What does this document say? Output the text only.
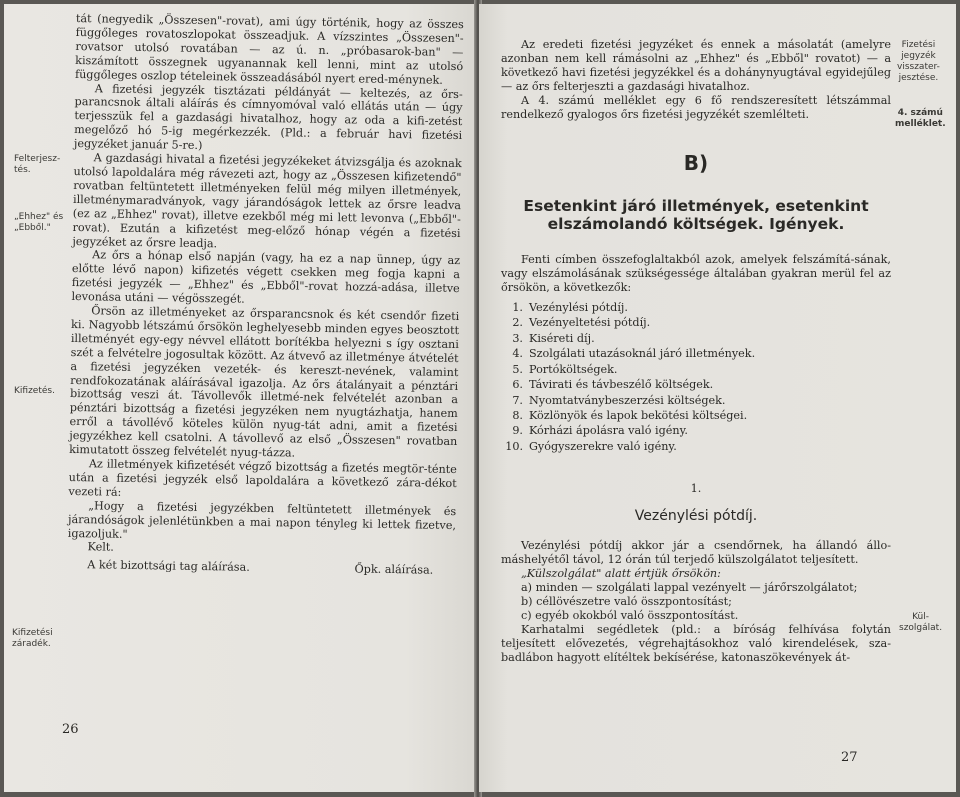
Felterjesz-
tés.
„Ehhez" és
„Ebből."
Kifizetés.
Kifizetési
záradék.

tát (negyedik „Összesen"-rovat), ami úgy történik, hogy az összes függőleges rovatoszlopokat összeadjuk. A vízszintes „Összesen"-rovatsor utolsó rovatában — az ú. n. „próbasarok-ban" — kiszámított összegnek ugyanannak kell lenni, mint az utolsó függőleges oszlop tételeinek összeadásából nyert ered-ménynek.

A fizetési jegyzék tisztázati példányát — keltezés, az őrs-parancsnok általi aláírás és címnyomóval való ellátás után — úgy terjesszük fel a gazdasági hivatalhoz, hogy az oda a kifi-zetést megelőző hó 5-ig megérkezzék. (Pld.: a február havi fizetési jegyzéket január 5-re.)

A gazdasági hivatal a fizetési jegyzékeket átvizsgálja és azoknak utolsó lapoldalára még rávezeti azt, hogy az „Összesen kifizetendő" rovatban feltüntetett illetményeken felül még milyen illetmények, illetménymaradványok, vagy járandóságok lettek az őrsre leadva (ez az „Ehhez" rovat), illetve ezekből még mi lett levonva („Ebből"-rovat). Ezután a kifizetést meg-előző hónap végén a fizetési jegyzéket az őrsre leadja.

Az őrs a hónap első napján (vagy, ha ez a nap ünnep, úgy az előtte lévő napon) kifizetés végett csekken meg fogja kapni a fizetési jegyzék — „Ehhez" és „Ebből"-rovat hozzá-adása, illetve levonása utáni — végösszegét.

Őrsön az illetményeket az őrsparancsnok és két csendőr fizeti ki. Nagyobb létszámú őrsökön leghelyesebb minden egyes beosztott illetményét egy-egy névvel ellátott borítékba helyezni s így osztani szét a felvételre jogosultak között. Az átvevő az illetménye átvételét a fizetési jegyzéken vezeték- és kereszt-nevének, valamint rendfokozatának aláírásával igazolja. Az őrs átalányait a pénztári bizottság veszi át. Távollevők illetmé-nek felvételét azonban a pénztári bizottság a fizetési jegyzéken nem nyugtázhatja, hanem erről a távollévő köteles külön nyug-tát adni, amit a fizetési jegyzékhez kell csatolni. A távollevő az első „Összesen" rovatban kimutatott összeg felvételét nyug-tázza.

Az illetmények kifizetését végző bizottság a fizetés megtör-ténte után a fizetési jegyzék első lapoldalára a következő zára-dékot vezeti rá:

„Hogy a fizetési jegyzékben feltüntetett illetmények és járandóságok jelenlétünkben a mai napon tényleg ki lettek fizetve, igazoljuk."

Kelt.

A két bizottsági tag aláírása.	Őpk. aláírása.
26
Fizetési
jegyzék
visszater-
jesztése.
4. számú
melléklet.
Kül-
szolgálat.

Az eredeti fizetési jegyzéket és ennek a másolatát (amelyre azonban nem kell rámásolni az „Ehhez" és „Ebből" rovatot) — a következő havi fizetési jegyzékkel és a dohánynyugtával egyidejűleg — az őrs felterjeszti a gazdasági hivatalhoz.

A 4. számú melléklet egy 6 fő rendszeresített létszámmal rendelkező gyalogos őrs fizetési jegyzékét szemlélteti.

B)
Esetenkint járó illetmények, esetenkint elszámolandó költségek. Igények.

Fenti címben összefoglaltakból azok, amelyek felszámítá-sának, vagy elszámolásának szükségessége általában gyakran merül fel az őrsökön, a következők:

1. Vezénylési pótdíj.
2. Vezényeltetési pótdíj.
3. Kiséreti díj.
4. Szolgálati utazásoknál járó illetmények.
5. Portóköltségek.
6. Távirati és távbeszélő költségek.
7. Nyomtatványbeszerzési költségek.
8. Közlönyök és lapok bekötési költségei.
9. Kórházi ápolásra való igény.
10. Gyógyszerekre való igény.
1.
Vezénylési pótdíj.

Vezénylési pótdíj akkor jár a csendőrnek, ha állandó állo-máshelyétől távol, 12 órán túl terjedő külszolgálatot teljesített.

„Külszolgálat" alatt értjük őrsökön:

a) minden — szolgálati lappal vezényelt — járőrszolgálatot;

b) céllövészetre való összpontosítást;

c) egyéb okokból való összpontosítást.

Karhatalmi segédletek (pld.: a bíróság felhívása folytán teljesített elővezetés, végrehajtásokhoz való kirendelések, sza-badlábon hagyott elítéltek bekísérése, katonaszökevények át-

27
